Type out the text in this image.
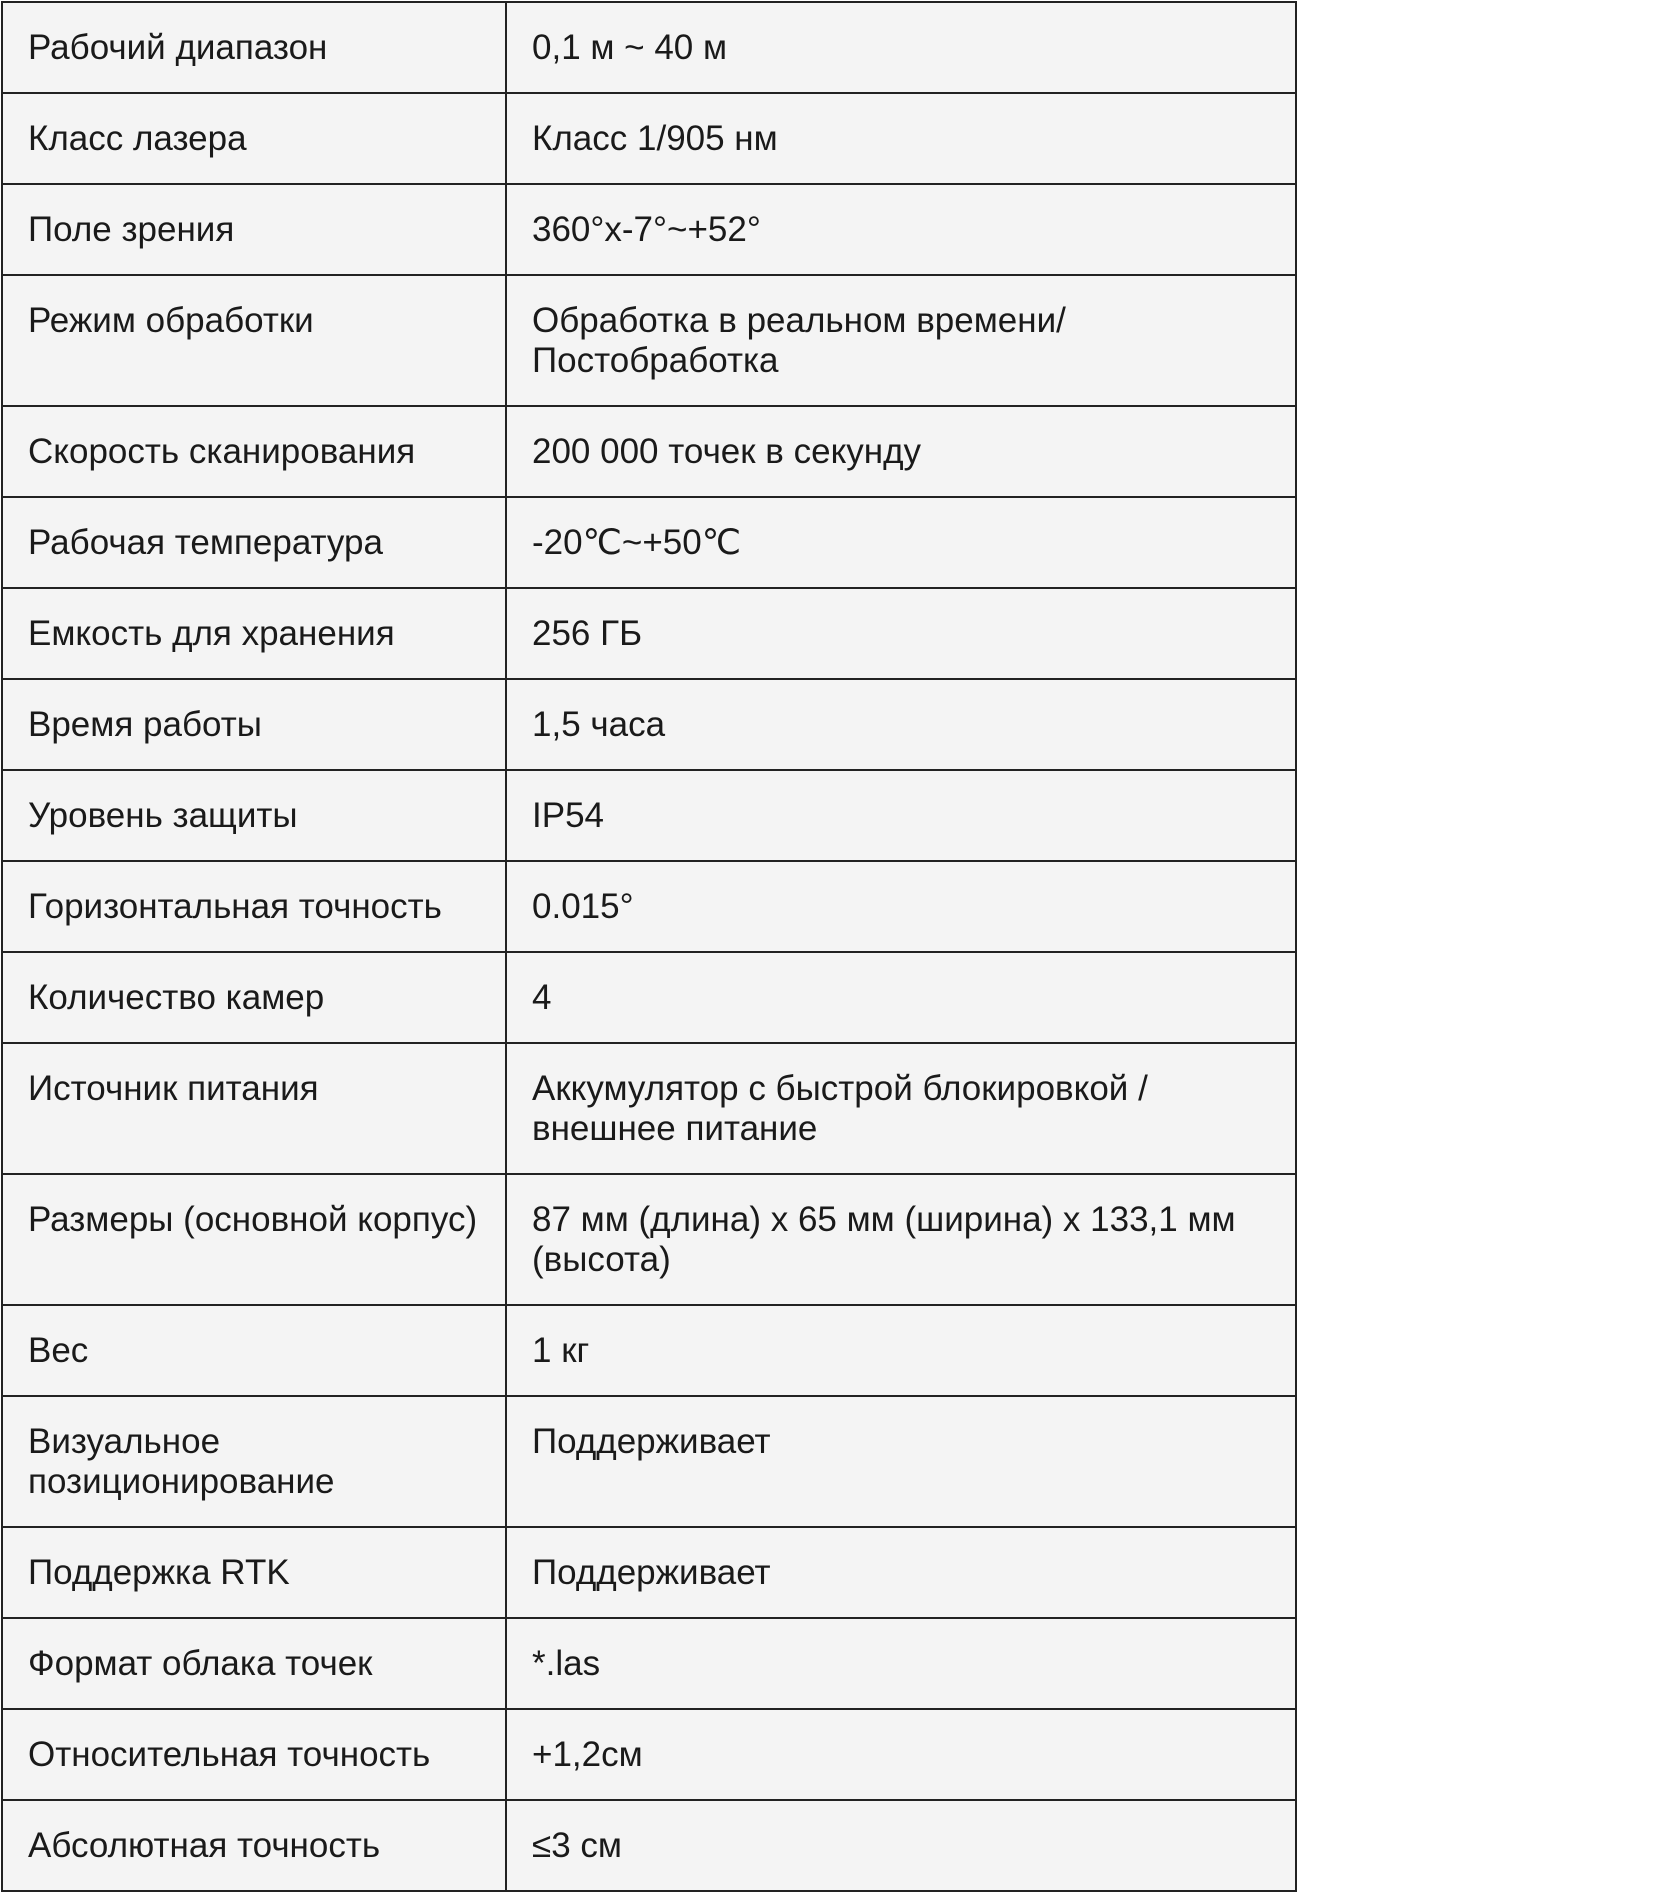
Рабочий диапазон	0,1 м ~ 40 м
Класс лазера	Класс 1/905 нм
Поле зрения	360°x-7°~+52°
Режим обработки	Обработка в реальном времени/ Постобработка
Скорость сканирования	200 000 точек в секунду
Рабочая температура	-20℃~+50℃
Емкость для хранения	256 ГБ
Время работы	1,5 часа
Уровень защиты	IP54
Горизонтальная точность	0.015°
Количество камер	4
Источник питания	Аккумулятор с быстрой блокировкой / внешнее питание
Размеры (основной корпус)	87 мм (длина) x 65 мм (ширина) x 133,1 мм (высота)
Вес	1 кг
Визуальное позиционирование	Поддерживает
Поддержка RTK	Поддерживает
Формат облака точек	*.las
Относительная точность	+1,2см
Абсолютная точность	≤3 см
